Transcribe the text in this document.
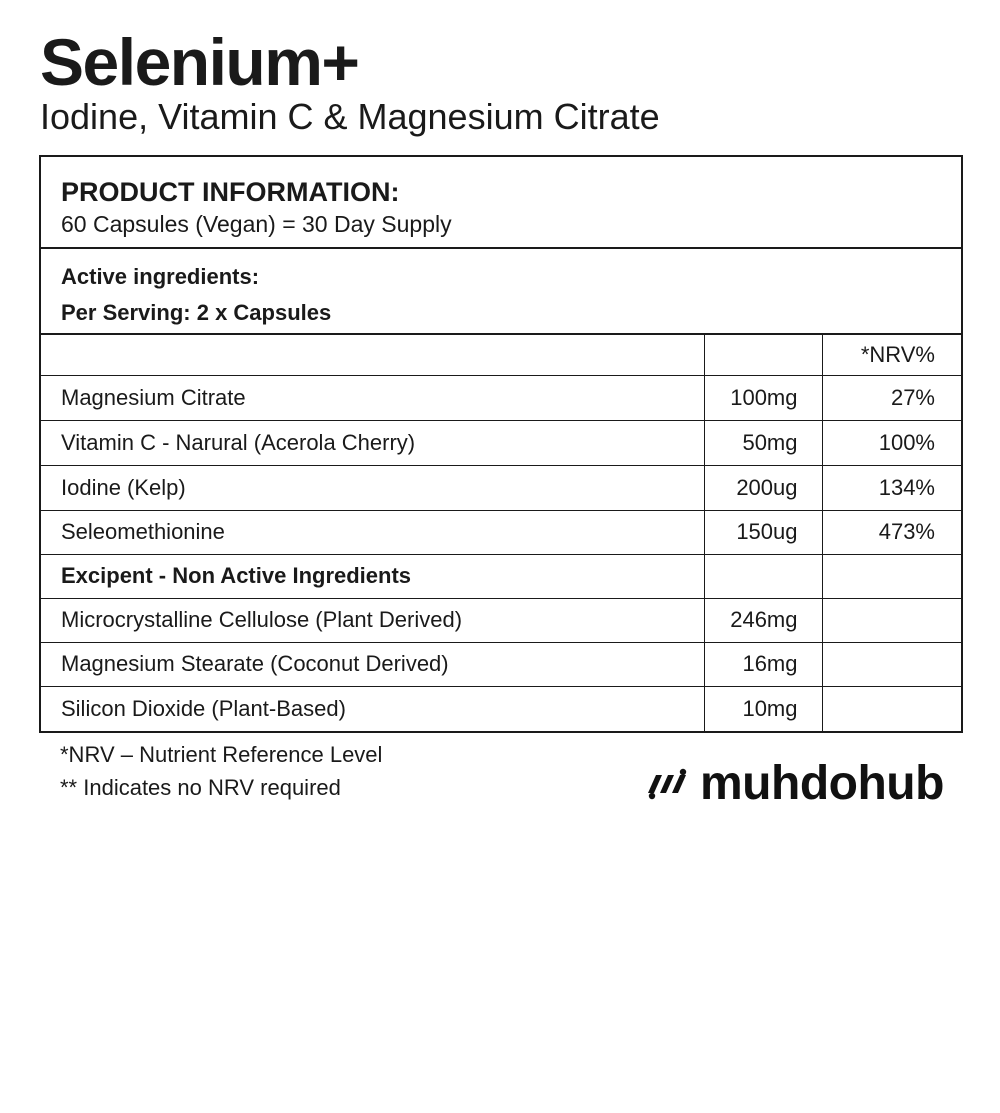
Selenium+
Iodine, Vitamin C & Magnesium Citrate
PRODUCT INFORMATION:
60 Capsules (Vegan) = 30 Day Supply
Active ingredients:
Per Serving: 2 x Capsules
		*NRV%
Magnesium Citrate	100mg	27%
Vitamin C - Narural (Acerola Cherry)	50mg	100%
Iodine (Kelp)	200ug	134%
Seleomethionine	150ug	473%
Excipent - Non Active Ingredients		
Microcrystalline Cellulose (Plant Derived)	246mg	
Magnesium Stearate (Coconut Derived)	16mg	
Silicon Dioxide (Plant-Based)	10mg	
*NRV – Nutrient Reference Level
** Indicates no NRV required	muhdohub
